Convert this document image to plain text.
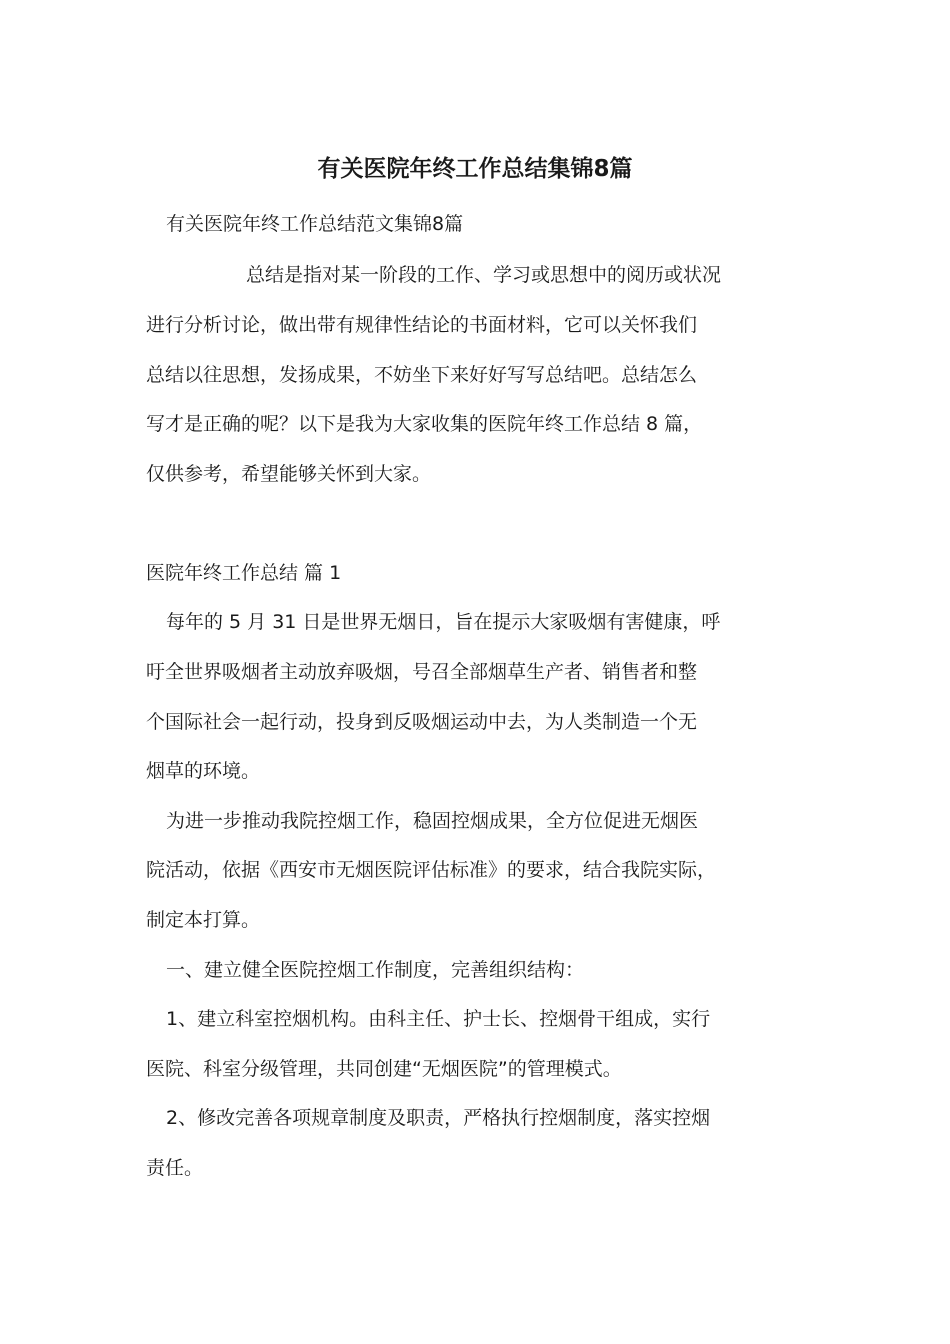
有关医院年终工作总结集锦8篇

有关医院年终工作总结范文集锦8篇

总结是指对某一阶段的工作、学习或思想中的阅历或状况

进行分析讨论，做出带有规律性结论的书面材料，它可以关怀我们

总结以往思想，发扬成果，不妨坐下来好好写写总结吧。总结怎么

写才是正确的呢？以下是我为大家收集的医院年终工作总结 8 篇，

仅供参考，希望能够关怀到大家。

医院年终工作总结 篇 1

每年的 5 月 31 日是世界无烟日，旨在提示大家吸烟有害健康，呼

吁全世界吸烟者主动放弃吸烟，号召全部烟草生产者、销售者和整

个国际社会一起行动，投身到反吸烟运动中去，为人类制造一个无

烟草的环境。

为进一步推动我院控烟工作，稳固控烟成果，全方位促进无烟医

院活动，依据《西安市无烟医院评估标准》的要求，结合我院实际，

制定本打算。

一、建立健全医院控烟工作制度，完善组织结构：

1、建立科室控烟机构。由科主任、护士长、控烟骨干组成，实行

医院、科室分级管理，共同创建“无烟医院”的管理模式。

2、修改完善各项规章制度及职责，严格执行控烟制度，落实控烟

责任。
